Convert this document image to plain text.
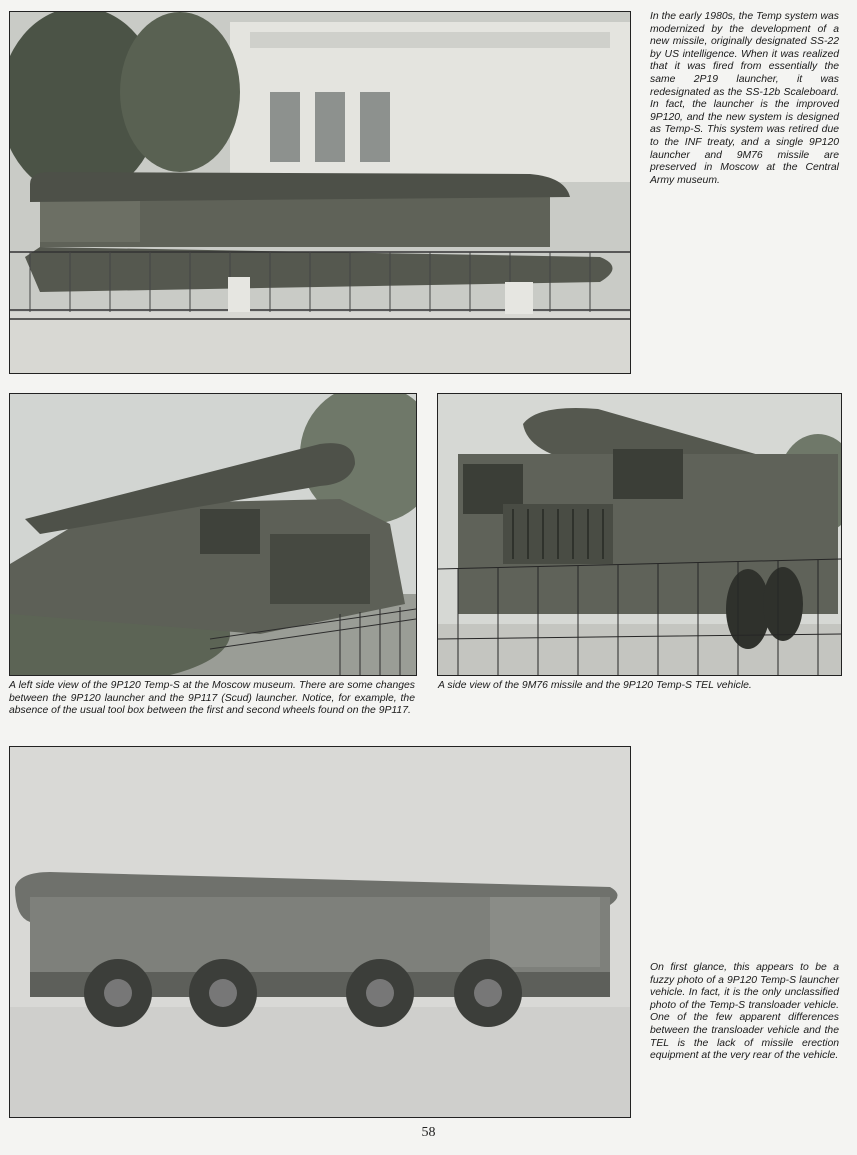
In the early 1980s, the Temp system was modernized by the development of a new missile, originally designated SS-22 by US intelligence. When it was realized that it was fired from essentially the same 2P19 launcher, it was redesignated as the SS-12b Scaleboard. In fact, the launcher is the improved 9P120, and the new system is designed as Temp-S. This system was retired due to the INF treaty, and a single 9P120 launcher and 9M76 missile are preserved in Moscow at the Central Army museum.

A left side view of the 9P120 Temp-S at the Moscow museum. There are some changes between the 9P120 launcher and the 9P117 (Scud) launcher. Notice, for example, the absence of the usual tool box between the first and second wheels found on the 9P117.

A side view of the 9M76 missile and the 9P120 Temp-S TEL vehicle.

On first glance, this appears to be a fuzzy photo of a 9P120 Temp-S launcher vehicle. In fact, it is the only unclassified photo of the Temp-S transloader vehicle. One of the few apparent differences between the transloader vehicle and the TEL is the lack of missile erection equipment at the very rear of the vehicle.

58
